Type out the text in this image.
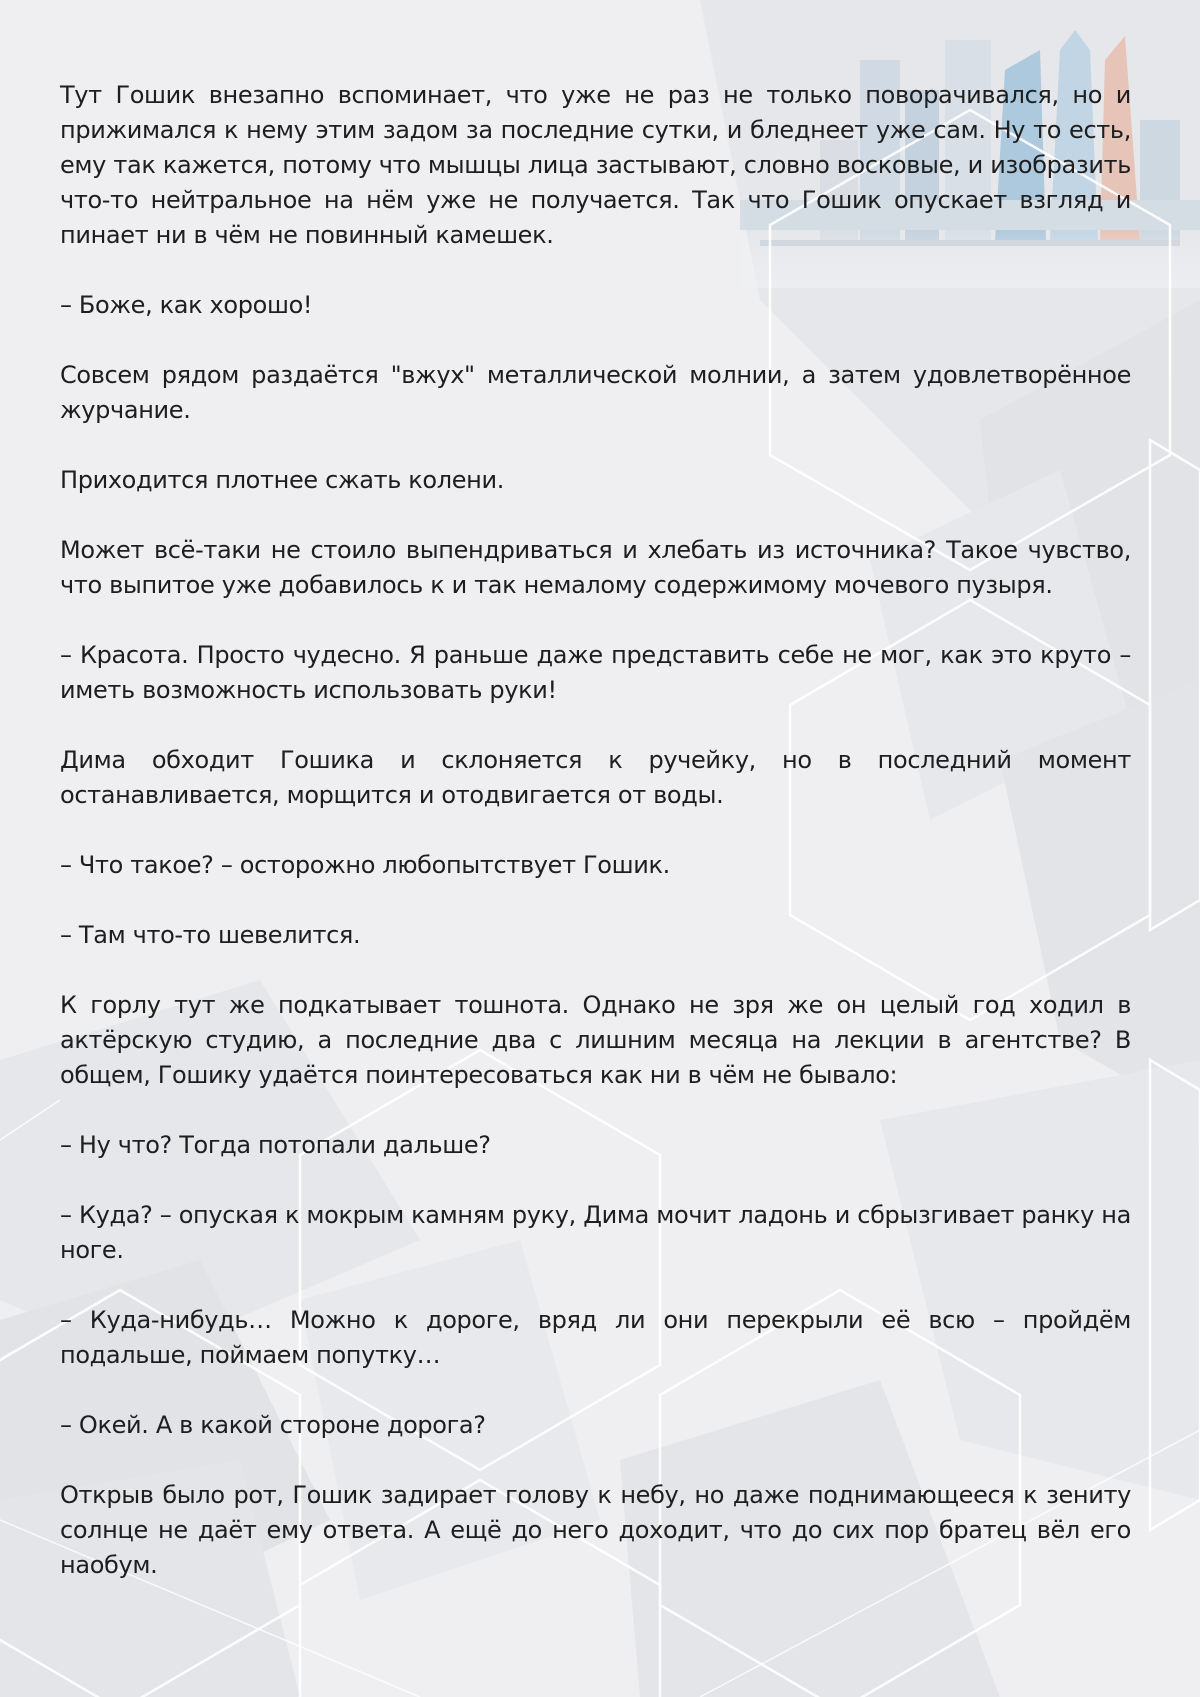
Тут Гошик внезапно вспоминает, что уже не раз не только поворачивался, но и прижимался к нему этим задом за последние сутки, и бледнеет уже сам. Ну то есть, ему так кажется, потому что мышцы лица застывают, словно восковые, и изобразить что-то нейтральное на нём уже не получается. Так что Гошик опускает взгляд и пинает ни в чём не повинный камешек.

– Боже, как хорошо!

Совсем рядом раздаётся "вжух" металлической молнии, а затем удовлетворённое журчание.

Приходится плотнее сжать колени.

Может всё-таки не стоило выпендриваться и хлебать из источника? Такое чувство, что выпитое уже добавилось к и так немалому содержимому мочевого пузыря.

– Красота. Просто чудесно. Я раньше даже представить себе не мог, как это круто – иметь возможность использовать руки!

Дима обходит Гошика и склоняется к ручейку, но в последний момент останавливается, морщится и отодвигается от воды.

– Что такое? – осторожно любопытствует Гошик.

– Там что-то шевелится.

К горлу тут же подкатывает тошнота. Однако не зря же он целый год ходил в актёрскую студию, а последние два с лишним месяца на лекции в агентстве? В общем, Гошику удаётся поинтересоваться как ни в чём не бывало:

– Ну что? Тогда потопали дальше?

– Куда? – опуская к мокрым камням руку, Дима мочит ладонь и сбрызгивает ранку на ноге.

– Куда-нибудь… Можно к дороге, вряд ли они перекрыли её всю – пройдём подальше, поймаем попутку…

– Окей. А в какой стороне дорога?

Открыв было рот, Гошик задирает голову к небу, но даже поднимающееся к зениту солнце не даёт ему ответа. А ещё до него доходит, что до сих пор братец вёл его наобум.
